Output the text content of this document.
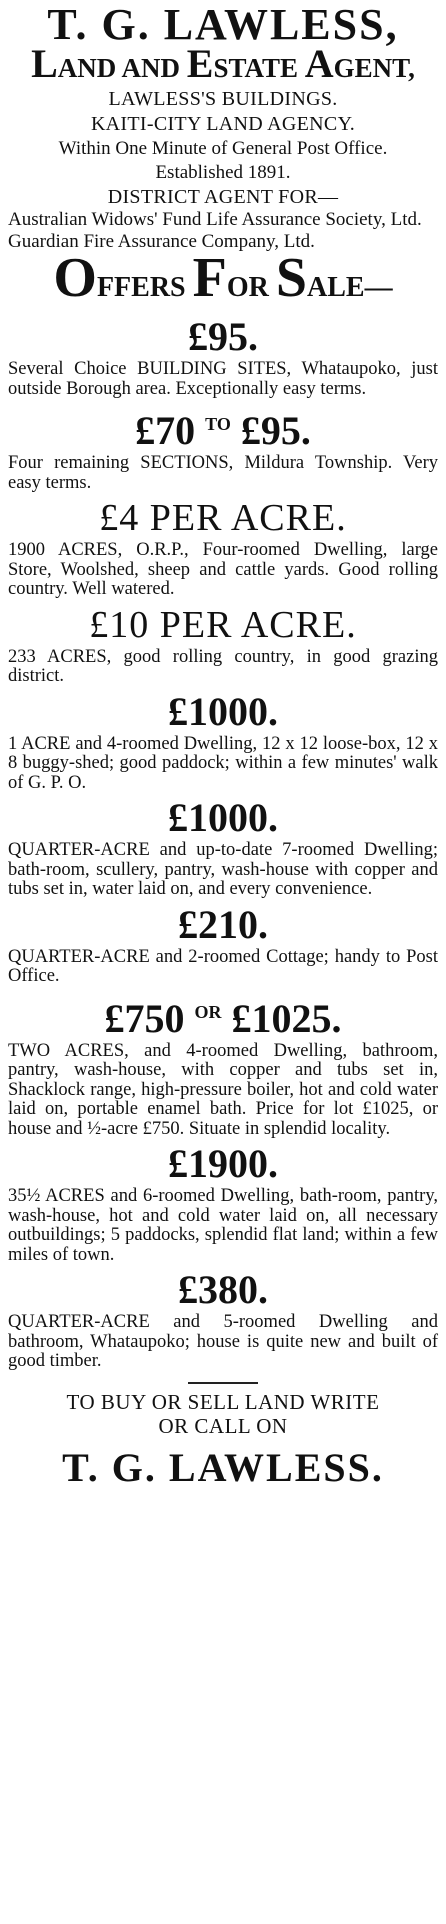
T. G. LAWLESS,
LAND AND ESTATE AGENT,
LAWLESS'S BUILDINGS.
KAITI-CITY LAND AGENCY.
Within One Minute of General Post Office.
Established 1891.
DISTRICT AGENT FOR—
Australian Widows' Fund Life Assurance Society, Ltd.
Guardian Fire Assurance Company, Ltd.
OFFERS FOR SALE—
£95.
Several Choice BUILDING SITES, Whataupoko, just outside Borough area. Exceptionally easy terms.
£70 $^{TO}$ £95.
Four remaining SECTIONS, Mildura Township. Very easy terms.
£4 PER ACRE.
1900 ACRES, O.R.P., Four-roomed Dwelling, large Store, Woolshed, sheep and cattle yards. Good rolling country. Well watered.
£10 PER ACRE.
233 ACRES, good rolling country, in good grazing district.
£1000.
1 ACRE and 4-roomed Dwelling, 12 x 12 loose-box, 12 x 8 buggy-shed; good paddock; within a few minutes' walk of G. P. O.
£1000.
QUARTER-ACRE and up-to-date 7-roomed Dwelling; bath-room, scullery, pantry, wash-house with copper and tubs set in, water laid on, and every convenience.
£210.
QUARTER-ACRE and 2-roomed Cottage; handy to Post Office.
£750 $^{OR}$ £1025.
TWO ACRES, and 4-roomed Dwelling, bathroom, pantry, wash-house, with copper and tubs set in, Shacklock range, high-pressure boiler, hot and cold water laid on, portable enamel bath. Price for lot £1025, or house and ½-acre £750. Situate in splendid locality.
£1900.
35½ ACRES and 6-roomed Dwelling, bath-room, pantry, wash-house, hot and cold water laid on, all necessary outbuildings; 5 paddocks, splendid flat land; within a few miles of town.
£380.
QUARTER-ACRE and 5-roomed Dwelling and bathroom, Whataupoko; house is quite new and built of good timber.
TO BUY OR SELL LAND WRITE
OR CALL ON
T. G. LAWLESS.
